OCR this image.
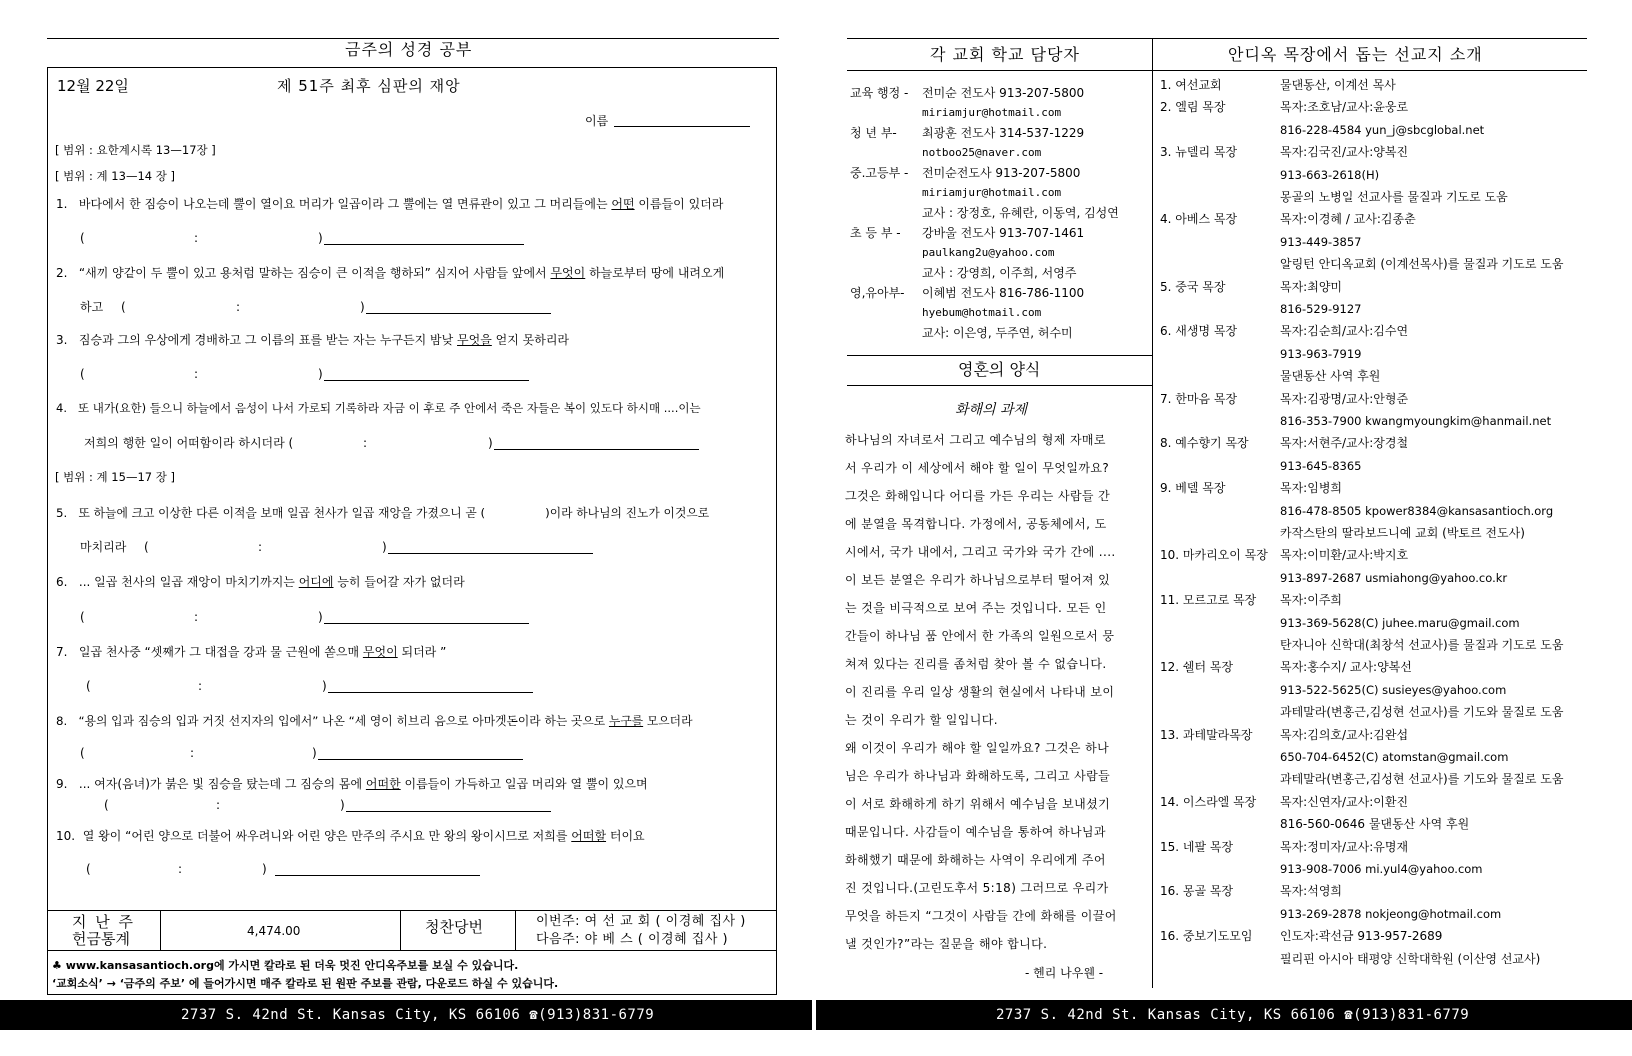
금주의 성경 공부
12월 22일	제 51주 최후 심판의 재앙
이름
[ 범위 : 요한계시록 13—17장 ]
[ 범위 : 계 13—14 장 ]
1. 바다에서 한 짐승이 나오는데 뿔이 열이요 머리가 일곱이라 그 뿔에는 열 면류관이 있고 그 머리들에는 어떤 이름들이 있더라
(	:	)
2. “새끼 양같이 두 뿔이 있고 용처럼 말하는 짐승이 큰 이적을 행하되” 심지어 사람들 앞에서 무엇이 하늘로부터 땅에 내려오게
하고 (	:	)
3. 짐승과 그의 우상에게 경배하고 그 이름의 표를 받는 자는 누구든지 밤낮 무엇을 얻지 못하리라
(	:	)
4. 또 내가(요한) 들으니 하늘에서 음성이 나서 가로되 기록하라 자금 이 후로 주 안에서 죽은 자들은 복이 있도다 하시매 ....이는
저희의 행한 일이 어떠함이라 하시더라 (	:	)
[ 범위 : 계 15—17 장 ]
5. 또 하늘에 크고 이상한 다른 이적을 보매 일곱 천사가 일곱 재앙을 가졌으니 곧 (	)이라 하나님의 진노가 이것으로
마치리라 (	:	)
6. ... 일곱 천사의 일곱 재앙이 마치기까지는 어디에 능히 들어갈 자가 없더라
(	:	)
7. 일곱 천사중 “셋째가 그 대접을 강과 물 근원에 쏟으매 무엇이 되더라 ”
(	:	)
8. “용의 입과 짐승의 입과 거짓 선지자의 입에서” 나온 “세 영이 히브리 음으로 아마겟돈이라 하는 곳으로 누구를 모으더라
(	:	)
9. ... 여자(음녀)가 붉은 빛 짐승을 탔는데 그 짐승의 몸에 어떠한 이름들이 가득하고 일곱 머리와 열 뿔이 있으며
(	:	)
10. 열 왕이 “어린 양으로 더불어 싸우려니와 어린 양은 만주의 주시요 만 왕의 왕이시므로 저희를 어떠할 터이요
(	:	)
지 난 주
헌금통계	4,474.00	청찬당번	이번주: 여 선 교 회 ( 이경혜 집사 )
다음주: 야 베 스 ( 이경혜 집사 )
♣ www.kansasantioch.org에 가시면 칼라로 된 더욱 멋진 안디옥주보를 보실 수 있습니다.
‘교회소식’ → ‘금주의 주보’ 에 들어가시면 매주 칼라로 된 원판 주보를 관람, 다운로드 하실 수 있습니다.
2737 S. 42nd St. Kansas City, KS 66106 ☎(913)831-6779
각 교회 학교 담당자
교육 행정 - 전미순 전도사 913-207-5800
miriamjur@hotmail.com
청 년 부- 최광훈 전도사 314-537-1229
notboo25@naver.com
중.고등부 - 전미순전도사 913-207-5800
miriamjur@hotmail.com
교사 : 장정호, 유혜란, 이동역, 김성연
초 등 부 - 강바울 전도사 913-707-1461
paulkang2u@yahoo.com
교사 : 강영희, 이주희, 서영주
영,유아부- 이혜범 전도사 816-786-1100
hyebum@hotmail.com
교사: 이은영, 두주연, 허수미
영혼의 양식
화해의 과제
하나님의 자녀로서 그리고 예수님의 형제 자매로
서 우리가 이 세상에서 해야 할 일이 무엇일까요?
그것은 화해입니다 어디를 가든 우리는 사람들 간
에 분열을 목격합니다. 가정에서, 공동체에서, 도
시에서, 국가 내에서, 그리고 국가와 국가 간에 ....
이 보든 분열은 우리가 하나님으로부터 떨어져 있
는 것을 비극적으로 보여 주는 것입니다. 모든 인
간들이 하나님 품 안에서 한 가족의 일원으로서 뭉
쳐져 있다는 진리를 좀처럼 찾아 볼 수 없습니다.
이 진리를 우리 일상 생활의 현실에서 나타내 보이
는 것이 우리가 할 일입니다.
왜 이것이 우리가 해야 할 일일까요? 그것은 하나
님은 우리가 하나님과 화해하도록, 그리고 사람들
이 서로 화해하게 하기 위해서 예수님을 보내셨기
때문입니다. 사감들이 예수님을 통하여 하나님과
화해했기 때문에 화해하는 사역이 우리에게 주어
진 것입니다.(고린도후서 5:18) 그러므로 우리가
무엇을 하든지 “그것이 사람들 간에 화해를 이끌어
낼 것인가?”라는 질문을 해야 합니다.
- 헨리 나우웬 -
안디옥 목장에서 돕는 선교지 소개
1. 여선교회	물댄동산, 이계선 목사
2. 엘림 목장	목자:조호남/교사:윤웅로
816-228-4584 yun_j@sbcglobal.net
3. 뉴델리 목장	목자:김국진/교사:양복진
913-663-2618(H)
몽골의 노병일 선교사를 물질과 기도로 도움
4. 아베스 목장	목자:이경혜 / 교사:김종춘
913-449-3857
알링턴 안디옥교회 (이계선목사)를 물질과 기도로 도움
5. 중국 목장	목자:최양미
816-529-9127
6. 새생명 목장	목자:김순희/교사:김수연
913-963-7919
물댄동산 사역 후원
7. 한마음 목장	목자:김광명/교사:안형준
816-353-7900 kwangmyoungkim@hanmail.net
8. 예수향기 목장	목자:서현주/교사:장경철
913-645-8365
9. 베델 목장	목자:임병희
816-478-8505 kpower8384@kansasantioch.org
카작스탄의 딸라보드니예 교회 (박토르 전도사)
10. 마카리오이 목장 목자:이미환/교사:박지호
913-897-2687 usmiahong@yahoo.co.kr
11. 모르고로 목장 목자:이주희
913-369-5628(C) juhee.maru@gmail.com
탄자니아 신학대(최창석 선교사)를 물질과 기도로 도움
12. 쉘터 목장	목자:홍수지/ 교사:양복선
913-522-5625(C) susieyes@yahoo.com
과테말라(변홍근,김성현 선교사)를 기도와 물질로 도움
13. 과테말라목장 목자:김의호/교사:김완섭
650-704-6452(C) atomstan@gmail.com
과테말라(변홍근,김성현 선교사)를 기도와 물질로 도움
14. 이스라엘 목장 목자:신연자/교사:이환진
816-560-0646 물댄동산 사역 후원
15. 네팔 목장	목자:정미자/교사:유명재
913-908-7006 mi.yul4@yahoo.com
16. 몽골 목장	목자:석영희
913-269-2878 nokjeong@hotmail.com
16. 중보기도모임 인도자:곽선금 913-957-2689
필리핀 아시아 태평양 신학대학원 (이산영 선교사)
2737 S. 42nd St. Kansas City, KS 66106 ☎(913)831-6779
